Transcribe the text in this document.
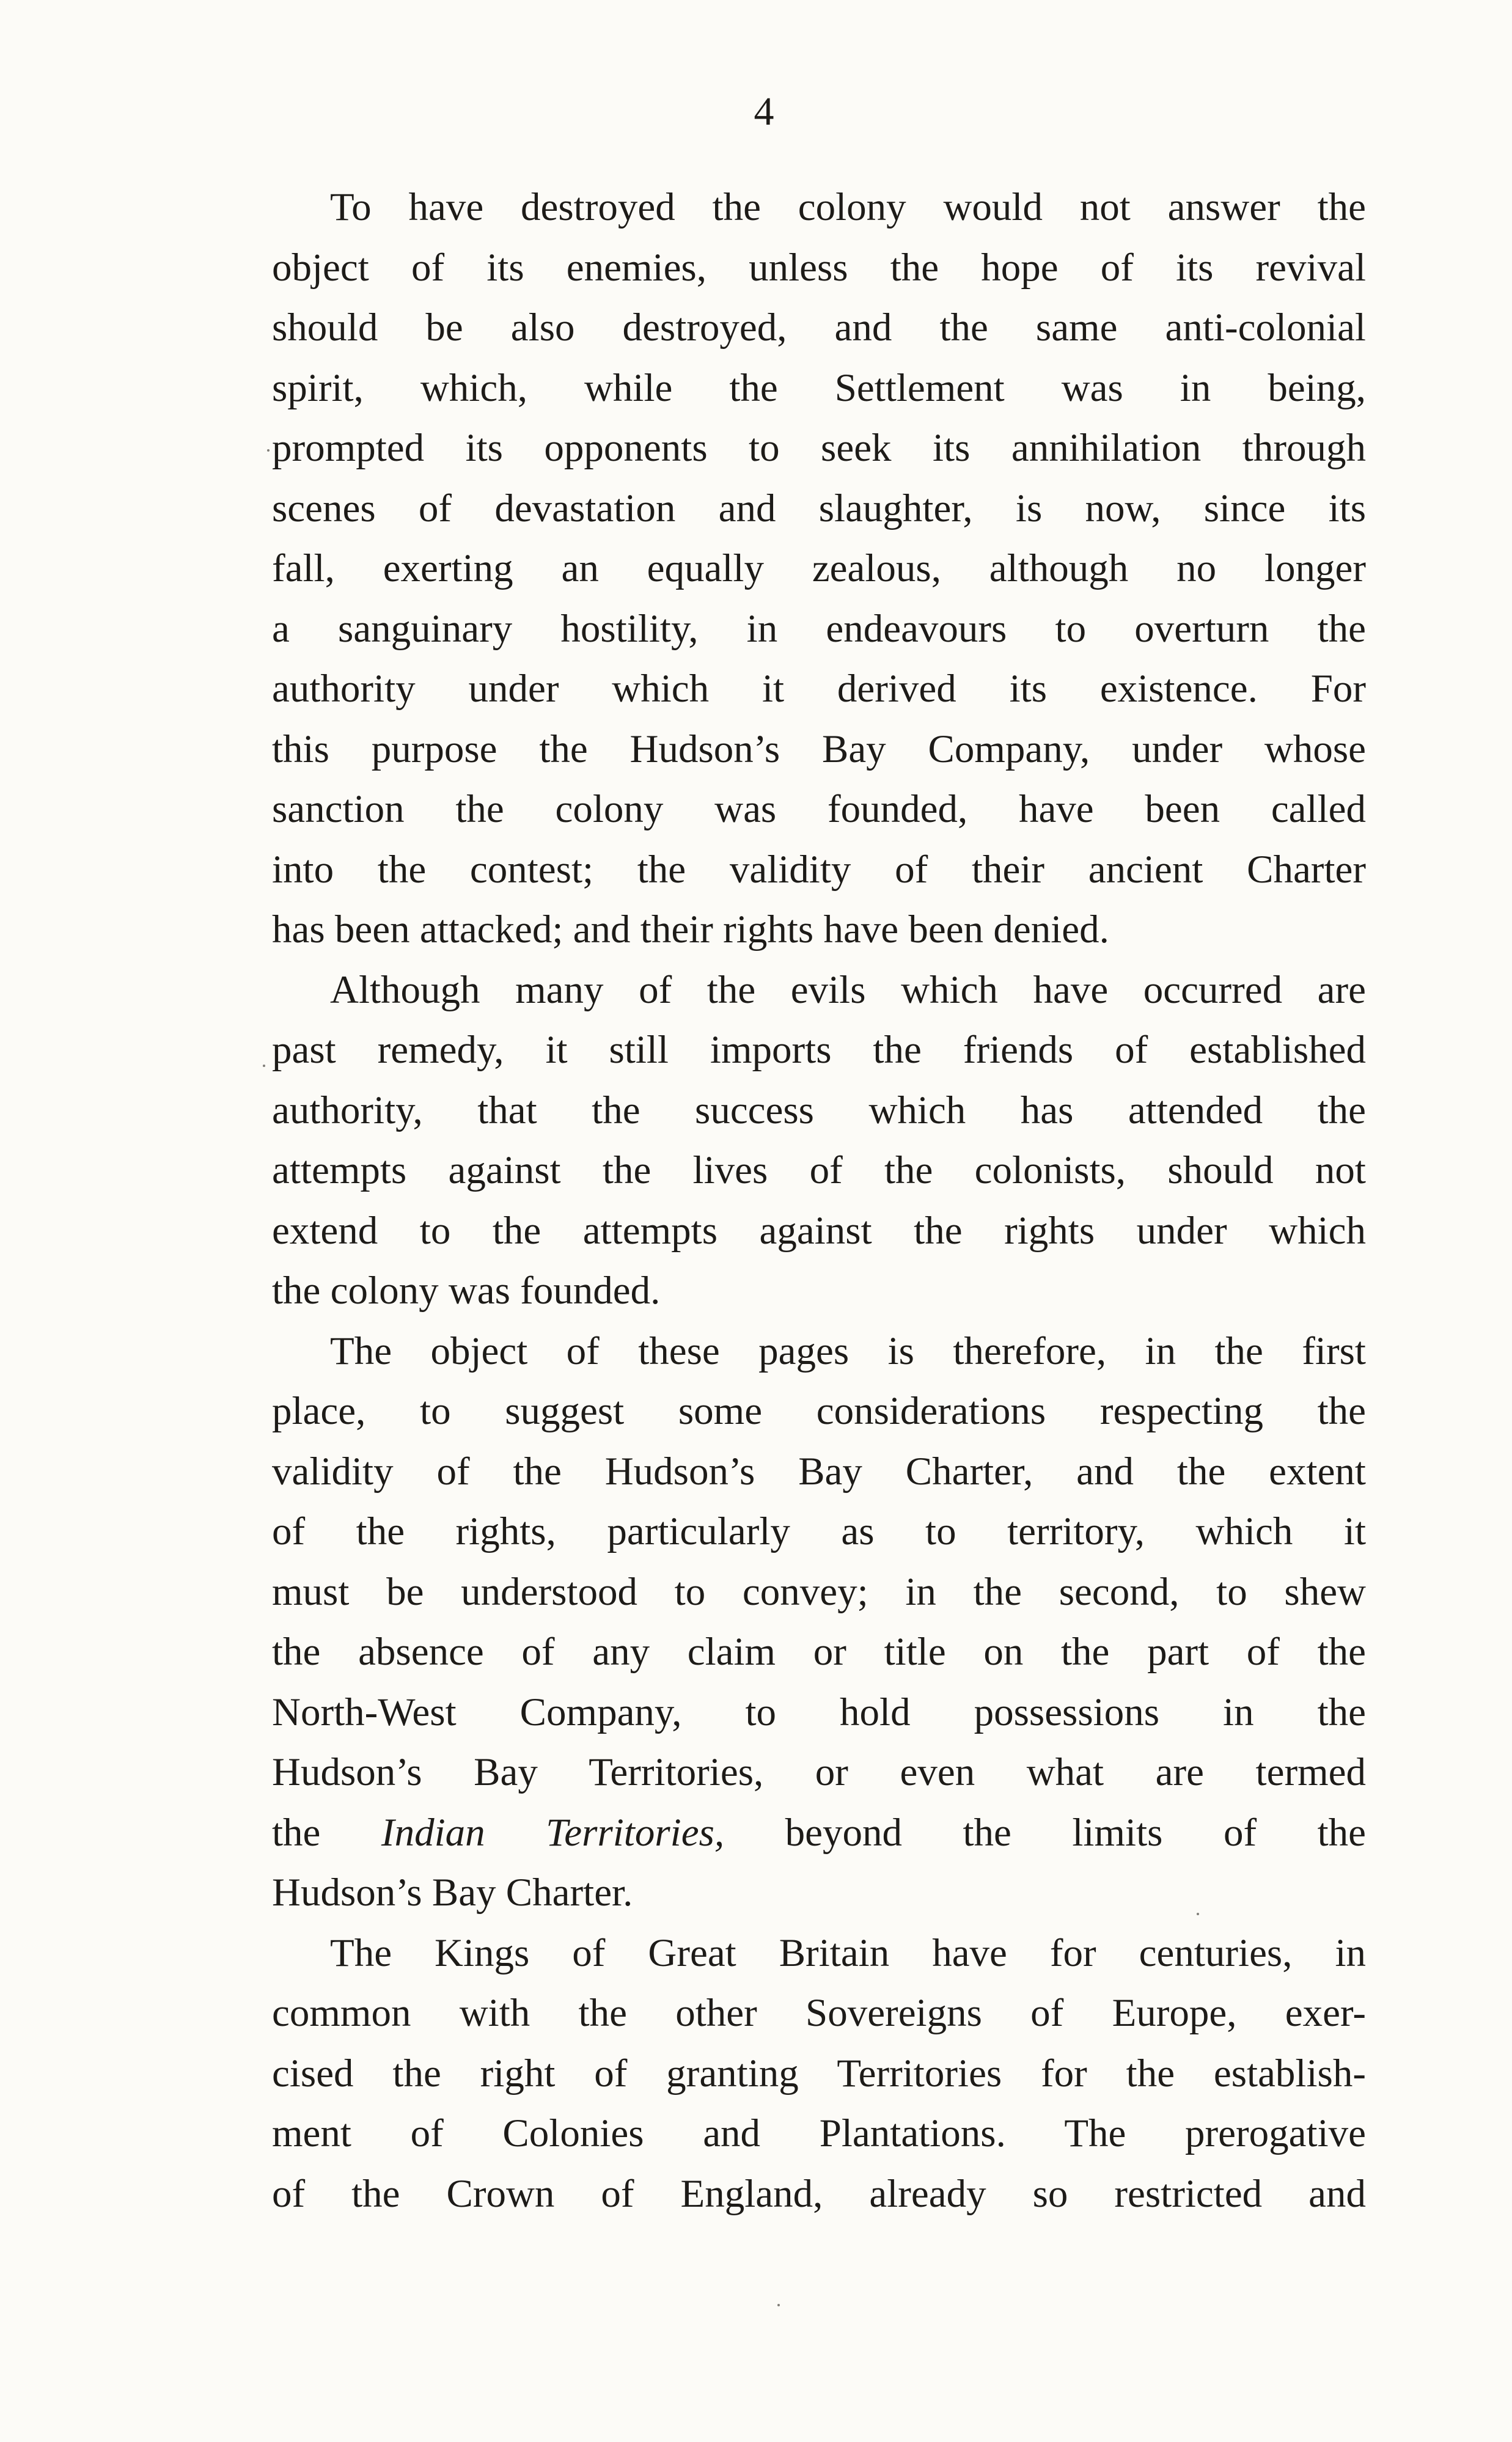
4

To have destroyed the colony would not answer the
object of its enemies, unless the hope of its revival
should be also destroyed, and the same anti-colonial
spirit, which, while the Settlement was in being,
prompted its opponents to seek its annihilation through
scenes of devastation and slaughter, is now, since its
fall, exerting an equally zealous, although no longer
a sanguinary hostility, in endeavours to overturn the
authority under which it derived its existence. For
this purpose the Hudson’s Bay Company, under whose
sanction the colony was founded, have been called
into the contest; the validity of their ancient Charter
has been attacked; and their rights have been denied.

Although many of the evils which have occurred are
past remedy, it still imports the friends of established
authority, that the success which has attended the
attempts against the lives of the colonists, should not
extend to the attempts against the rights under which
the colony was founded.

The object of these pages is therefore, in the first
place, to suggest some considerations respecting the
validity of the Hudson’s Bay Charter, and the extent
of the rights, particularly as to territory, which it
must be understood to convey; in the second, to shew
the absence of any claim or title on the part of the
North-West Company, to hold possessions in the
Hudson’s Bay Territories, or even what are termed
the Indian Territories, beyond the limits of the
Hudson’s Bay Charter.

The Kings of Great Britain have for centuries, in
common with the other Sovereigns of Europe, exer-
cised the right of granting Territories for the establish-
ment of Colonies and Plantations. The prerogative
of the Crown of England, already so restricted and
